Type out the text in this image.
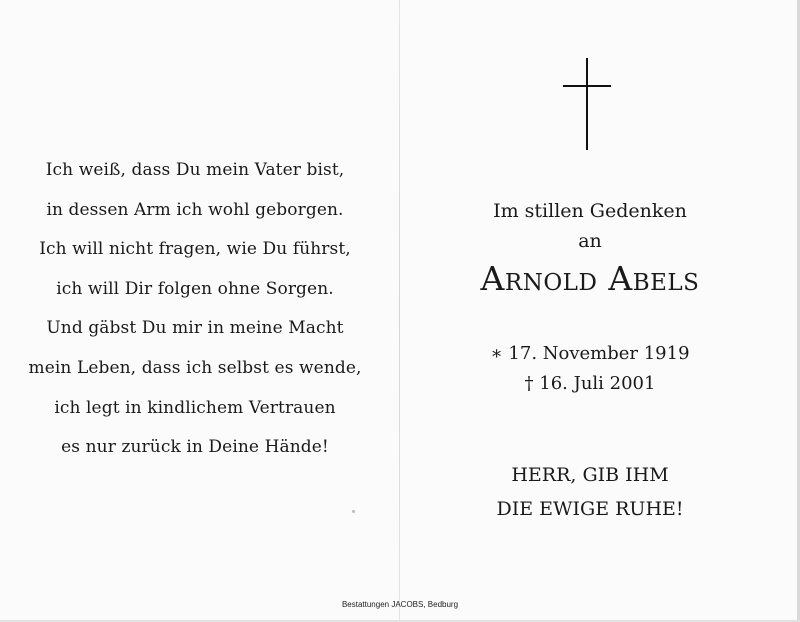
Ich weiß, dass Du mein Vater bist,
in dessen Arm ich wohl geborgen.
Ich will nicht fragen, wie Du führst,
ich will Dir folgen ohne Sorgen.
Und gäbst Du mir in meine Macht
mein Leben, dass ich selbst es wende,
ich legt in kindlichem Vertrauen
es nur zurück in Deine Hände!
Im stillen Gedenken
an
Arnold Abels
∗ 17. November 1919
† 16. Juli 2001
HERR, GIB IHM
DIE EWIGE RUHE!
Bestattungen JACOBS, Bedburg
